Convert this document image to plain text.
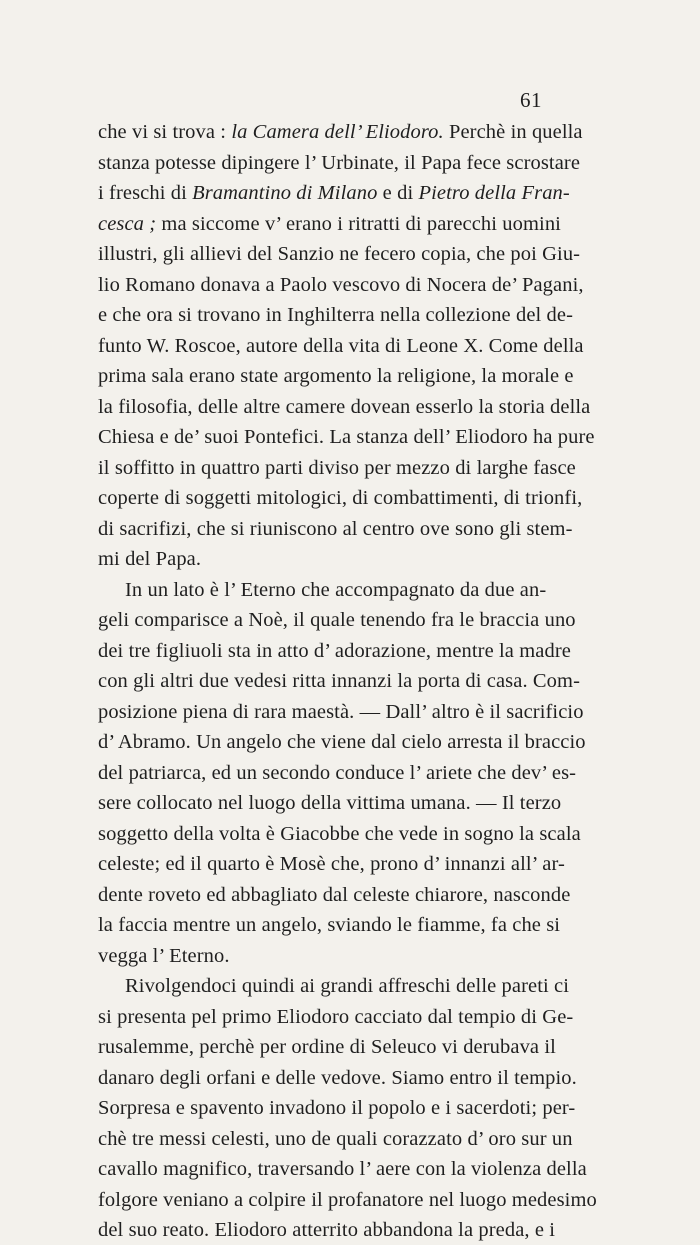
61
che vi si trova : la Camera dell’ Eliodoro. Perchè in quella
stanza potesse dipingere l’ Urbinate, il Papa fece scrostare
i freschi di Bramantino di Milano e di Pietro della Fran-
cesca ; ma siccome v’ erano i ritratti di parecchi uomini
illustri, gli allievi del Sanzio ne fecero copia, che poi Giu-
lio Romano donava a Paolo vescovo di Nocera de’ Pagani,
e che ora si trovano in Inghilterra nella collezione del de-
funto W. Roscoe, autore della vita di Leone X. Come della
prima sala erano state argomento la religione, la morale e
la filosofia, delle altre camere dovean esserlo la storia della
Chiesa e de’ suoi Pontefici. La stanza dell’ Eliodoro ha pure
il soffitto in quattro parti diviso per mezzo di larghe fasce
coperte di soggetti mitologici, di combattimenti, di trionfi,
di sacrifizi, che si riuniscono al centro ove sono gli stem-
mi del Papa.
In un lato è l’ Eterno che accompagnato da due an-
geli comparisce a Noè, il quale tenendo fra le braccia uno
dei tre figliuoli sta in atto d’ adorazione, mentre la madre
con gli altri due vedesi ritta innanzi la porta di casa. Com-
posizione piena di rara maestà. — Dall’ altro è il sacrificio
d’ Abramo. Un angelo che viene dal cielo arresta il braccio
del patriarca, ed un secondo conduce l’ ariete che dev’ es-
sere collocato nel luogo della vittima umana. — Il terzo
soggetto della volta è Giacobbe che vede in sogno la scala
celeste; ed il quarto è Mosè che, prono d’ innanzi all’ ar-
dente roveto ed abbagliato dal celeste chiarore, nasconde
la faccia mentre un angelo, sviando le fiamme, fa che si
vegga l’ Eterno.
Rivolgendoci quindi ai grandi affreschi delle pareti ci
si presenta pel primo Eliodoro cacciato dal tempio di Ge-
rusalemme, perchè per ordine di Seleuco vi derubava il
danaro degli orfani e delle vedove. Siamo entro il tempio.
Sorpresa e spavento invadono il popolo e i sacerdoti; per-
chè tre messi celesti, uno de quali corazzato d’ oro sur un
cavallo magnifico, traversando l’ aere con la violenza della
folgore veniano a colpire il profanatore nel luogo medesimo
del suo reato. Eliodoro atterrito abbandona la preda, e i
